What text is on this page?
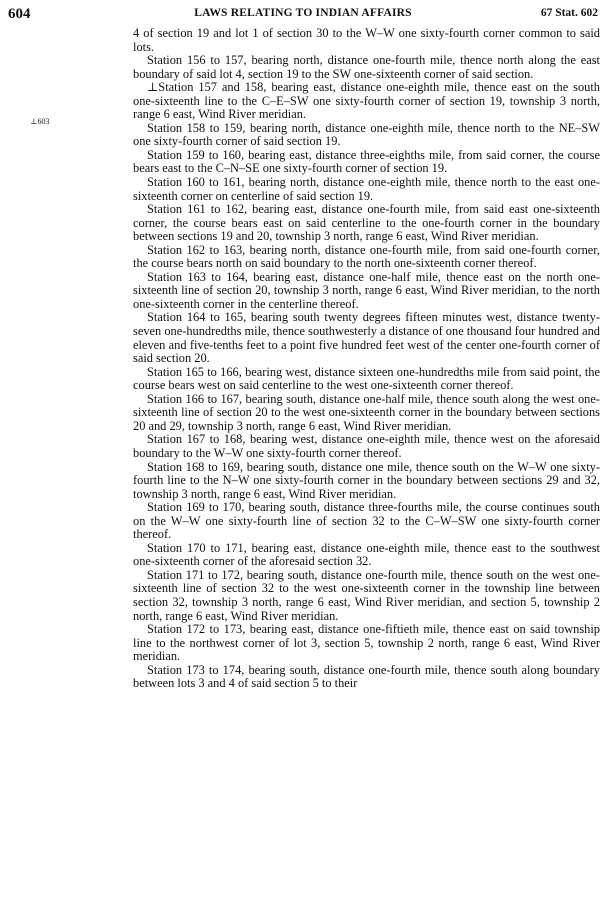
604	LAWS RELATING TO INDIAN AFFAIRS	67 Stat. 602
⊥603

4 of section 19 and lot 1 of section 30 to the W–W one sixty-fourth corner common to said lots.

Station 156 to 157, bearing north, distance one-fourth mile, thence north along the east boundary of said lot 4, section 19 to the SW one-sixteenth corner of said section.

⊥Station 157 and 158, bearing east, distance one-eighth mile, thence east on the south one-sixteenth line to the C–E–SW one sixty-fourth corner of section 19, township 3 north, range 6 east, Wind River meridian.

Station 158 to 159, bearing north, distance one-eighth mile, thence north to the NE–SW one sixty-fourth corner of said section 19.

Station 159 to 160, bearing east, distance three-eighths mile, from said corner, the course bears east to the C–N–SE one sixty-fourth corner of section 19.

Station 160 to 161, bearing north, distance one-eighth mile, thence north to the east one-sixteenth corner on centerline of said section 19.

Station 161 to 162, bearing east, distance one-fourth mile, from said east one-sixteenth corner, the course bears east on said centerline to the one-fourth corner in the boundary between sections 19 and 20, township 3 north, range 6 east, Wind River meridian.

Station 162 to 163, bearing north, distance one-fourth mile, from said one-fourth corner, the course bears north on said boundary to the north one-sixteenth corner thereof.

Station 163 to 164, bearing east, distance one-half mile, thence east on the north one-sixteenth line of section 20, township 3 north, range 6 east, Wind River meridian, to the north one-sixteenth corner in the centerline thereof.

Station 164 to 165, bearing south twenty degrees fifteen minutes west, distance twenty-seven one-hundredths mile, thence southwesterly a distance of one thousand four hundred and eleven and five-tenths feet to a point five hundred feet west of the center one-fourth corner of said section 20.

Station 165 to 166, bearing west, distance sixteen one-hundredths mile from said point, the course bears west on said centerline to the west one-sixteenth corner thereof.

Station 166 to 167, bearing south, distance one-half mile, thence south along the west one-sixteenth line of section 20 to the west one-sixteenth corner in the boundary between sections 20 and 29, township 3 north, range 6 east, Wind River meridian.

Station 167 to 168, bearing west, distance one-eighth mile, thence west on the aforesaid boundary to the W–W one sixty-fourth corner thereof.

Station 168 to 169, bearing south, distance one mile, thence south on the W–W one sixty-fourth line to the N–W one sixty-fourth corner in the boundary between sections 29 and 32, township 3 north, range 6 east, Wind River meridian.

Station 169 to 170, bearing south, distance three-fourths mile, the course continues south on the W–W one sixty-fourth line of section 32 to the C–W–SW one sixty-fourth corner thereof.

Station 170 to 171, bearing east, distance one-eighth mile, thence east to the southwest one-sixteenth corner of the aforesaid section 32.

Station 171 to 172, bearing south, distance one-fourth mile, thence south on the west one-sixteenth line of section 32 to the west one-sixteenth corner in the township line between section 32, township 3 north, range 6 east, Wind River meridian, and section 5, township 2 north, range 6 east, Wind River meridian.

Station 172 to 173, bearing east, distance one-fiftieth mile, thence east on said township line to the northwest corner of lot 3, section 5, township 2 north, range 6 east, Wind River meridian.

Station 173 to 174, bearing south, distance one-fourth mile, thence south along boundary between lots 3 and 4 of said section 5 to their
